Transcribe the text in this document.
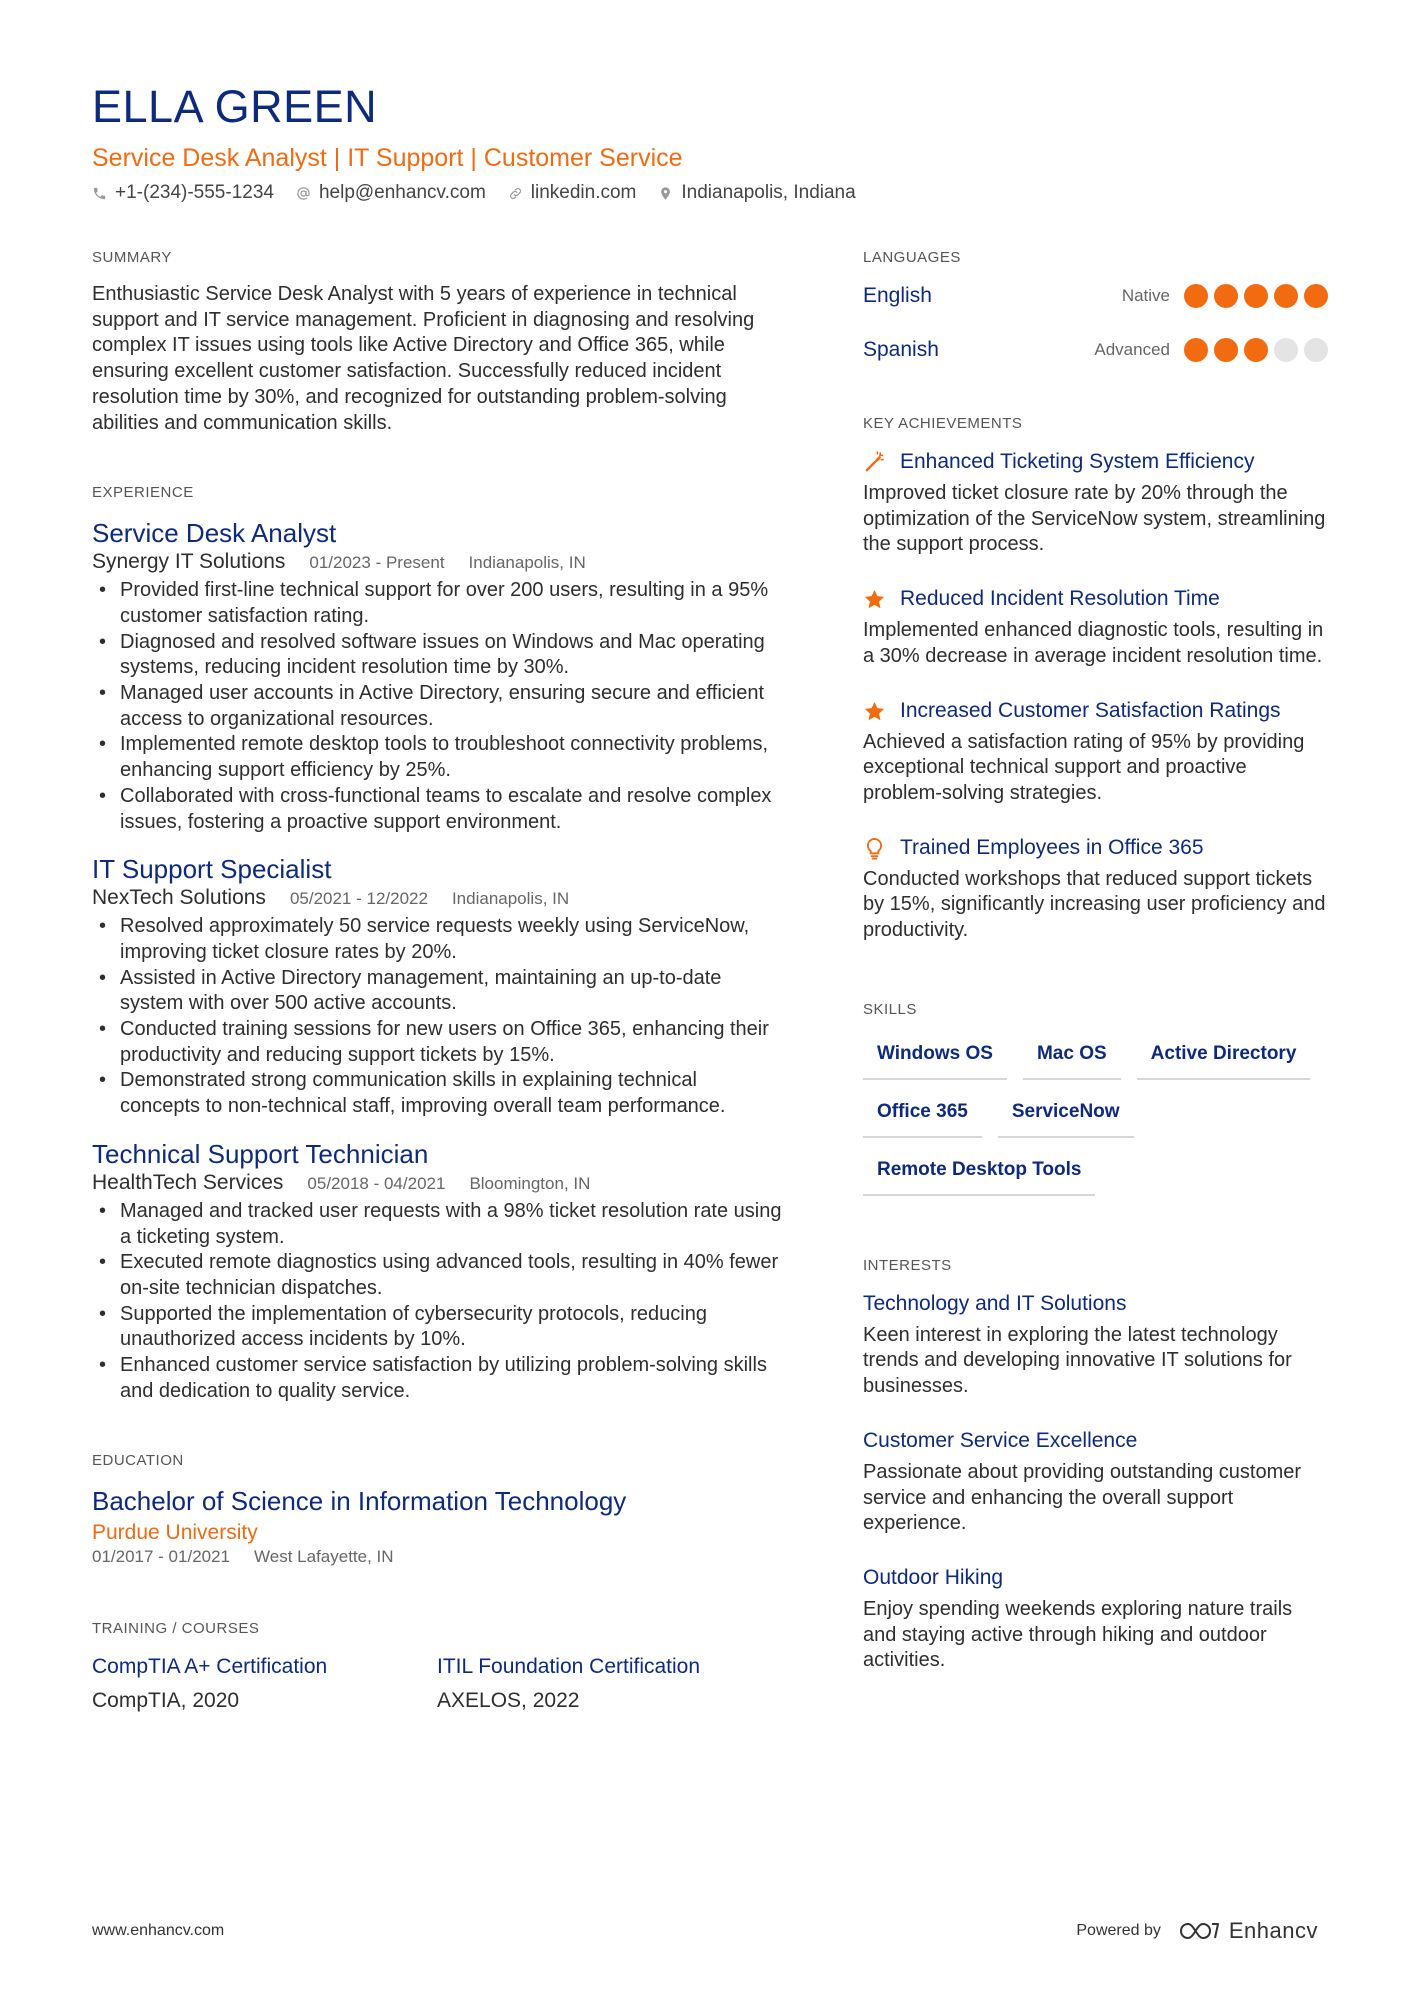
ELLA GREEN
Service Desk Analyst | IT Support | Customer Service
+1-(234)-555-1234 help@enhancv.com linkedin.com Indianapolis, Indiana
SUMMARY

Enthusiastic Service Desk Analyst with 5 years of experience in technical support and IT service management. Proficient in diagnosing and resolving complex IT issues using tools like Active Directory and Office 365, while ensuring excellent customer satisfaction. Successfully reduced incident resolution time by 30%, and recognized for outstanding problem-solving abilities and communication skills.

EXPERIENCE
Service Desk Analyst
Synergy IT Solutions 01/2023 - Present Indianapolis, IN
• Provided first-line technical support for over 200 users, resulting in a 95% customer satisfaction rating.
• Diagnosed and resolved software issues on Windows and Mac operating systems, reducing incident resolution time by 30%.
• Managed user accounts in Active Directory, ensuring secure and efficient access to organizational resources.
• Implemented remote desktop tools to troubleshoot connectivity problems, enhancing support efficiency by 25%.
• Collaborated with cross-functional teams to escalate and resolve complex issues, fostering a proactive support environment.
IT Support Specialist
NexTech Solutions 05/2021 - 12/2022 Indianapolis, IN
• Resolved approximately 50 service requests weekly using ServiceNow, improving ticket closure rates by 20%.
• Assisted in Active Directory management, maintaining an up-to-date system with over 500 active accounts.
• Conducted training sessions for new users on Office 365, enhancing their productivity and reducing support tickets by 15%.
• Demonstrated strong communication skills in explaining technical concepts to non-technical staff, improving overall team performance.
Technical Support Technician
HealthTech Services 05/2018 - 04/2021 Bloomington, IN
• Managed and tracked user requests with a 98% ticket resolution rate using a ticketing system.
• Executed remote diagnostics using advanced tools, resulting in 40% fewer on-site technician dispatches.
• Supported the implementation of cybersecurity protocols, reducing unauthorized access incidents by 10%.
• Enhanced customer service satisfaction by utilizing problem-solving skills and dedication to quality service.
EDUCATION
Bachelor of Science in Information Technology
Purdue University
01/2017 - 01/2021 West Lafayette, IN
TRAINING / COURSES
CompTIA A+ Certification
CompTIA, 2020
ITIL Foundation Certification
AXELOS, 2022
LANGUAGES
English	Native
Spanish	Advanced
KEY ACHIEVEMENTS
Enhanced Ticketing System Efficiency

Improved ticket closure rate by 20% through the optimization of the ServiceNow system, streamlining the support process.

Reduced Incident Resolution Time

Implemented enhanced diagnostic tools, resulting in a 30% decrease in average incident resolution time.

Increased Customer Satisfaction Ratings

Achieved a satisfaction rating of 95% by providing exceptional technical support and proactive problem-solving strategies.

Trained Employees in Office 365

Conducted workshops that reduced support tickets by 15%, significantly increasing user proficiency and productivity.

SKILLS
Windows OS	Mac OS	Active Directory
Office 365	ServiceNow
Remote Desktop Tools
INTERESTS
Technology and IT Solutions

Keen interest in exploring the latest technology trends and developing innovative IT solutions for businesses.

Customer Service Excellence

Passionate about providing outstanding customer service and enhancing the overall support experience.

Outdoor Hiking

Enjoy spending weekends exploring nature trails and staying active through hiking and outdoor activities.

www.enhancv.com	Powered by	Enhancv
